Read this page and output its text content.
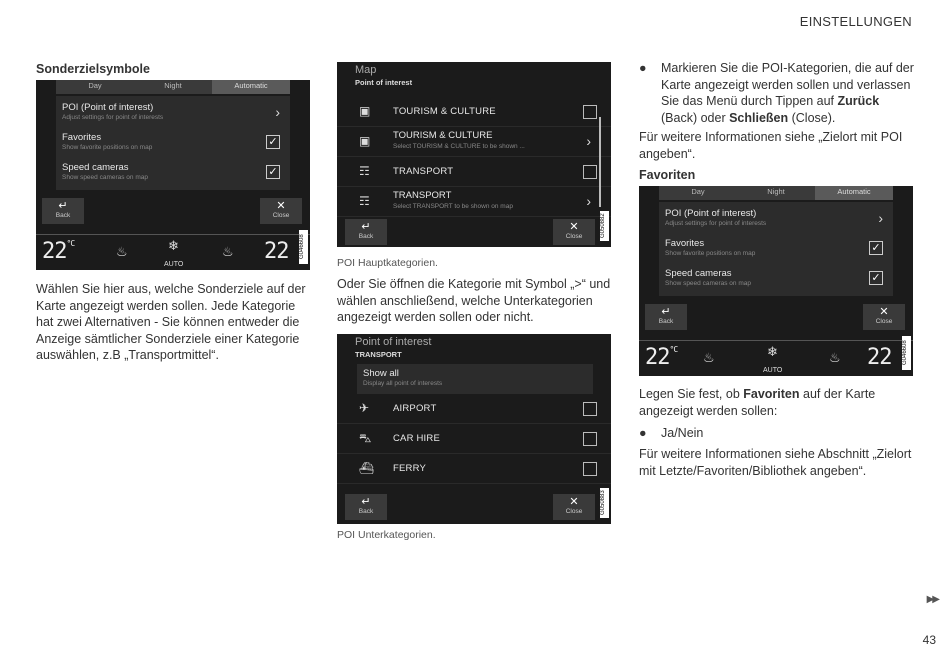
EINSTELLUNGEN
Sonderzielsymbole
Day	Night	Automatic
POI (Point of interest)
Adjust settings for point of interests	›
Favorites
Show favorite positions on map	✓
Speed cameras
Show speed cameras on map	✓
↵
Back
✕
Close
$22^{^\circ C}$
♨	❄
AUTO
♨ 22 G046608
Wählen Sie hier aus, welche Sonderziele auf der Karte angezeigt werden sollen. Jede Kategorie hat zwei Alternativen - Sie können entweder die Anzeige sämtlicher Sonderziele einer Kategorie auswählen, z.B „Transportmittel“.
Map
Point of interest
▣ TOURISM & CULTURE
▣ TOURISM & CULTURE
Select TOURISM & CULTURE to be shown ...	›
☶ TRANSPORT
☶ TRANSPORT
Select TRANSPORT to be shown on map	›
↵
Back
✕
Close	G050882
POI Hauptkategorien.
Oder Sie öffnen die Kategorie mit Symbol „>“ und wählen anschließend, welche Unterkategorien angezeigt werden sollen oder nicht.
Point of interest
TRANSPORT
Show all
Display all point of interests
✈	AIRPORT
⛍ CAR HIRE
⛴ FERRY
↵
Back
✕
Close	G050883
POI Unterkategorien.
●	Markieren Sie die POI-Kategorien, die auf der Karte angezeigt werden sollen und verlassen Sie das Menü durch Tippen auf Zurück (Back) oder Schließen (Close).
Für weitere Informationen siehe „Zielort mit POI angeben“.
Favoriten
Day	Night	Automatic
POI (Point of interest)
Adjust settings for point of interests	›
Favorites
Show favorite positions on map	✓
Speed cameras
Show speed cameras on map	✓
↵
Back
✕
Close
$22^{^\circ C}$
♨	❄
AUTO
♨ 22 G046608
Legen Sie fest, ob Favoriten auf der Karte angezeigt werden sollen:
●	Ja/Nein
Für weitere Informationen siehe Abschnitt „Zielort mit Letzte/Favoriten/Bibliothek angeben“.
▶▶
43
